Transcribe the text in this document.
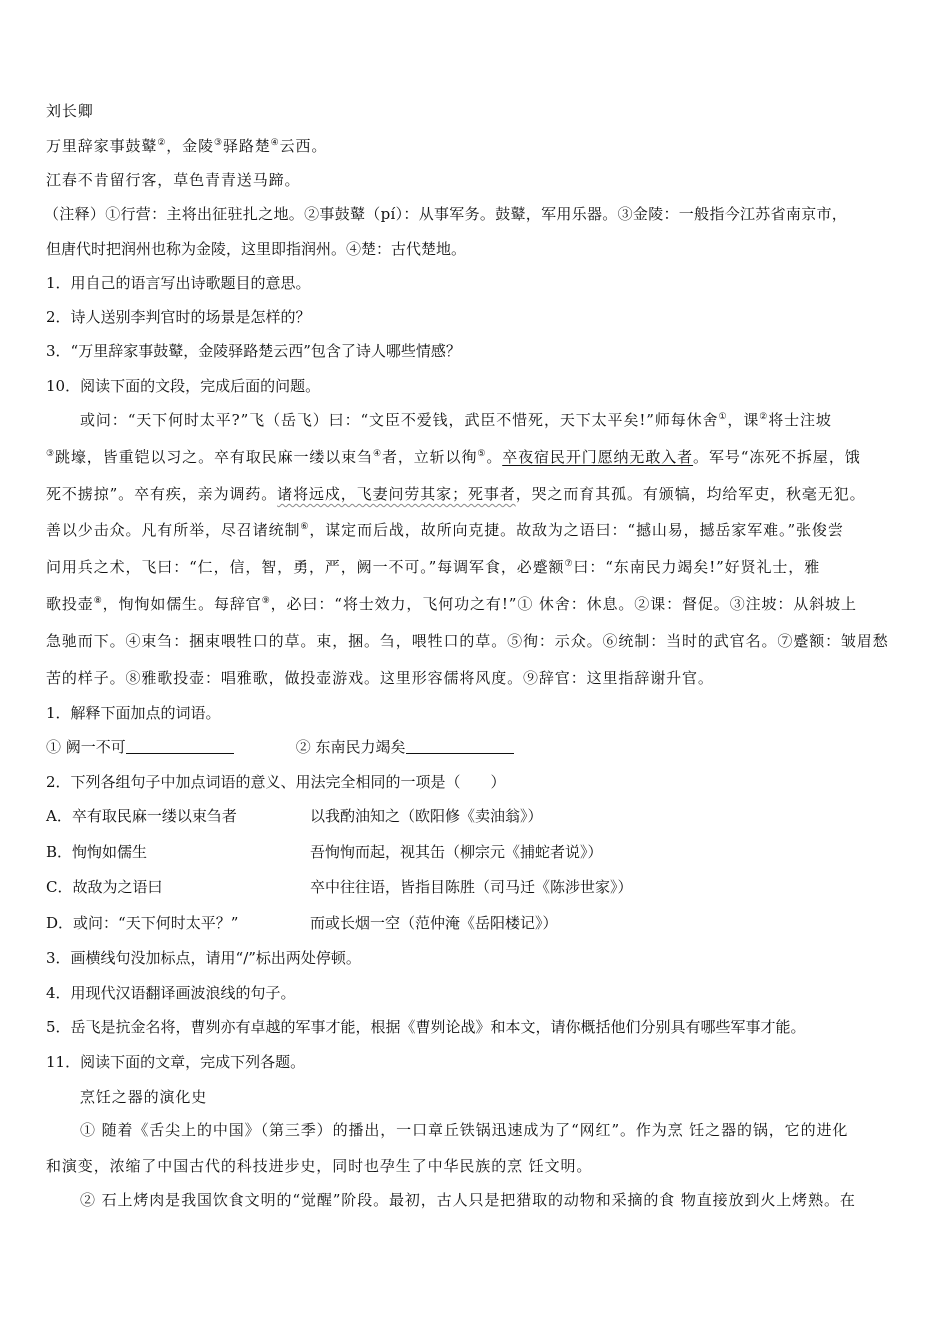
刘长卿
万里辞家事鼓鼙②，金陵③驿路楚④云西。
江春不肯留行客，草色青青送马蹄。
（注释）①行营：主将出征驻扎之地。②事鼓鼙（pí）：从事军务。鼓鼙，军用乐器。③金陵：一般指今江苏省南京市，
但唐代时把润州也称为金陵，这里即指润州。④楚：古代楚地。
1．用自己的语言写出诗歌题目的意思。
2．诗人送别李判官时的场景是怎样的？
3．“万里辞家事鼓鼙，金陵驿路楚云西”包含了诗人哪些情感？
10．阅读下面的文段，完成后面的问题。
或问：“天下何时太平?”飞（岳飞）曰：“文臣不爱钱，武臣不惜死，天下太平矣!”师每休舍①，课②将士注坡
③跳壕，皆重铠以习之。卒有取民麻一缕以束刍④者，立斩以徇⑤。卒夜宿民开门愿纳无敢入者。军号“冻死不拆屋，饿
死不掳掠”。卒有疾，亲为调药。诸将远戍，飞妻问劳其家；死事者，哭之而育其孤。有颁犒，均给军吏，秋毫无犯。
善以少击众。凡有所举，尽召诸统制⑥，谋定而后战，故所向克捷。故敌为之语曰：“撼山易，撼岳家军难。”张俊尝
问用兵之术，飞曰：“仁，信，智，勇，严，阙一不可。”每调军食，必蹙额⑦曰：“东南民力竭矣!”好贤礼士，雅
歌投壶⑧，恂恂如儒生。每辞官⑨，必曰：“将士效力，飞何功之有!”① 休舍：休息。②课：督促。③注坡：从斜坡上
急驰而下。④束刍：捆束喂牲口的草。束，捆。刍，喂牲口的草。⑤徇：示众。⑥统制：当时的武官名。⑦蹙额：皱眉愁
苦的样子。⑧雅歌投壶：唱雅歌，做投壶游戏。这里形容儒将风度。⑨辞官：这里指辞谢升官。
1．解释下面加点的词语。
① 阙一不可	② 东南民力竭矣
2．下列各组句子中加点词语的意义、用法完全相同的一项是（　　）
A．卒有取民麻一缕以束刍者	以我酌油知之（欧阳修《卖油翁》）
B．恂恂如儒生	吾恂恂而起，视其缶（柳宗元《捕蛇者说》）
C．故敌为之语曰	卒中往往语，皆指目陈胜（司马迁《陈涉世家》）
D．或问：“天下何时太平？”	而或长烟一空（范仲淹《岳阳楼记》）
3．画横线句没加标点，请用“/”标出两处停顿。
4．用现代汉语翻译画波浪线的句子。
5．岳飞是抗金名将，曹刿亦有卓越的军事才能，根据《曹刿论战》和本文，请你概括他们分别具有哪些军事才能。
11．阅读下面的文章，完成下列各题。
烹饪之器的演化史
① 随着《舌尖上的中国》（第三季）的播出，一口章丘铁锅迅速成为了“网红”。作为烹 饪之器的锅，它的进化
和演变，浓缩了中国古代的科技进步史，同时也孕生了中华民族的烹 饪文明。
② 石上烤肉是我国饮食文明的“觉醒”阶段。最初，古人只是把猎取的动物和采摘的食 物直接放到火上烤熟。在
